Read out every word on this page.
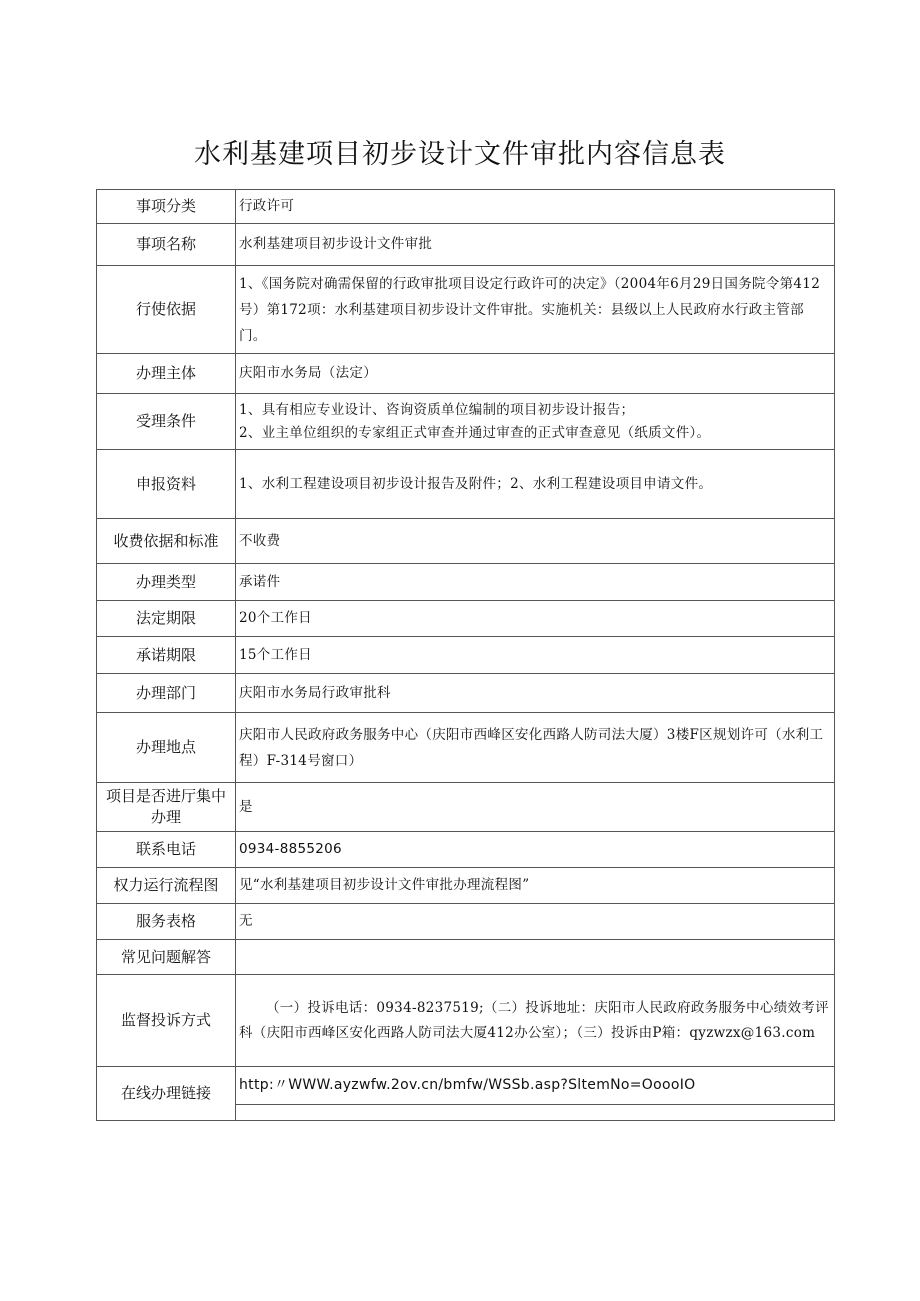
水利基建项目初步设计文件审批内容信息表
事项分类	行政许可
事项名称	水利基建项目初步设计文件审批
行使依据	1、《国务院对确需保留的行政审批项目设定行政许可的决定》（2004年6月29日国务院令第412号）第172项：水利基建项目初步设计文件审批。实施机关：县级以上人民政府水行政主管部门。
办理主体	庆阳市水务局（法定）
受理条件	1、具有相应专业设计、咨询资质单位编制的项目初步设计报告；
2、业主单位组织的专家组正式审查并通过审查的正式审查意见（纸质文件）。

申报资料	1、水利工程建设项目初步设计报告及附件；2、水利工程建设项目申请文件。
收费依据和标准	不收费
办理类型	承诺件
法定期限	20个工作日
承诺期限	15个工作日
办理部门	庆阳市水务局行政审批科
办理地点	庆阳市人民政府政务服务中心（庆阳市西峰区安化西路人防司法大厦）3楼F区规划许可（水利工程）F-314号窗口）
项目是否进厅集中办理	是
联系电话	0934-8855206
权力运行流程图	见“水利基建项目初步设计文件审批办理流程图”
服务表格	无
常见问题解答	
监督投诉方式	（一）投诉电话：0934-8237519;（二）投诉地址：庆阳市人民政府政务服务中心绩效考评科（庆阳市西峰区安化西路人防司法大厦412办公室）；（三）投诉由P箱：qyzwzx@163.com
在线办理链接	http:〃WWW.ayzwfw.2ov.cn/bmfw/WSSb.asp?SltemNo=OoooIO
